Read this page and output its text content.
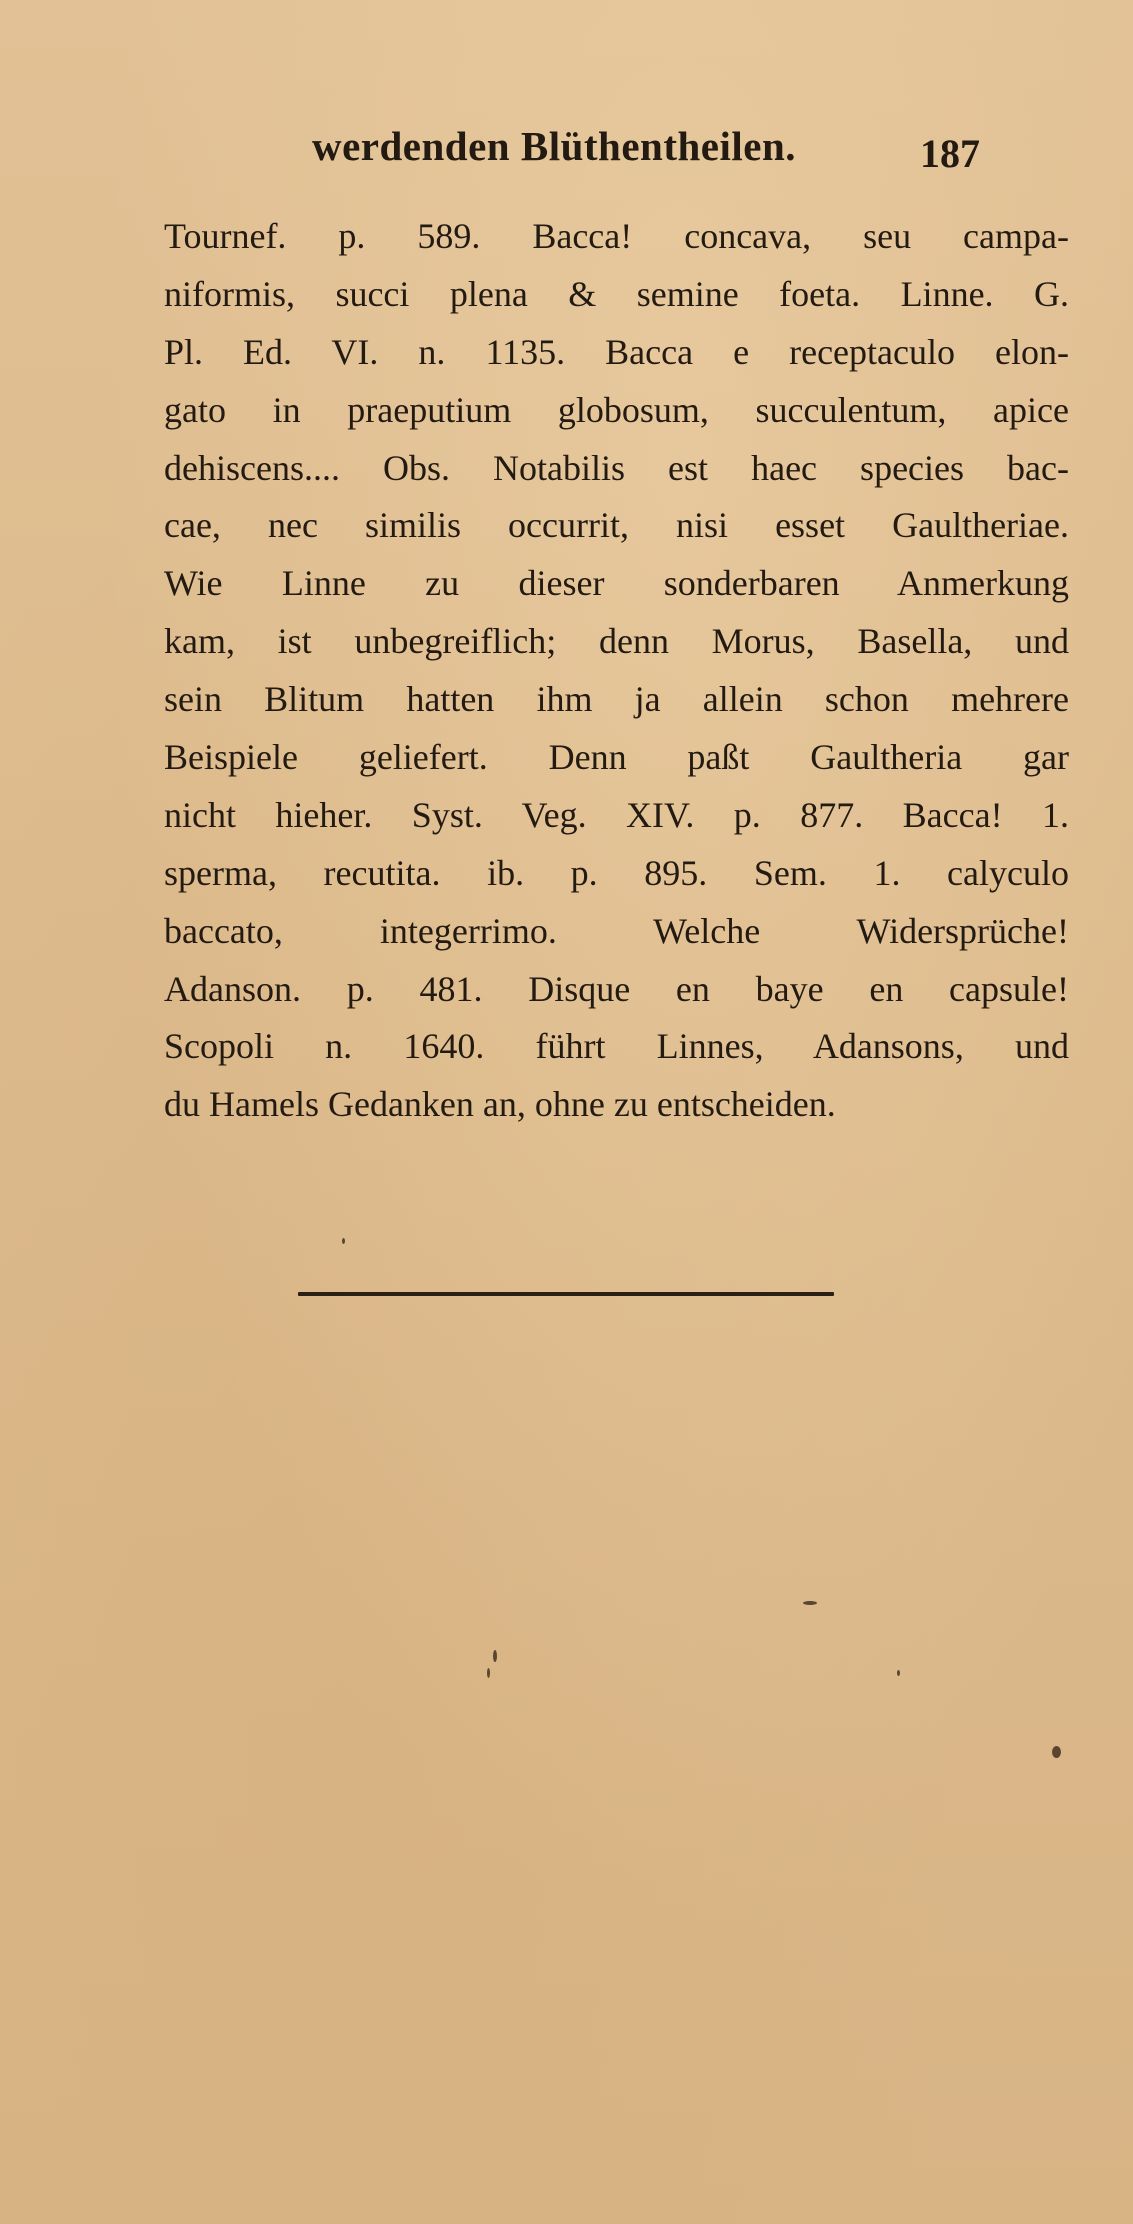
werdenden Blüthentheilen.	187
Tournef. p. 589. Bacca! concava, seu campa-
niformis, succi plena & semine foeta. Linne. G.
Pl. Ed. VI. n. 1135. Bacca e receptaculo elon-
gato in praeputium globosum, succulentum, apice
dehiscens.... Obs. Notabilis est haec species bac-
cae, nec similis occurrit, nisi esset Gaultheriae.
Wie Linne zu dieser sonderbaren Anmerkung
kam, ist unbegreiflich; denn Morus, Basella, und
sein Blitum hatten ihm ja allein schon mehrere
Beispiele geliefert. Denn paßt Gaultheria gar
nicht hieher. Syst. Veg. XIV. p. 877. Bacca! 1.
sperma, recutita. ib. p. 895. Sem. 1. calyculo
baccato, integerrimo. Welche Widersprüche!
Adanson. p. 481. Disque en baye en capsule!
Scopoli n. 1640. führt Linnes, Adansons, und
du Hamels Gedanken an, ohne zu entscheiden.
